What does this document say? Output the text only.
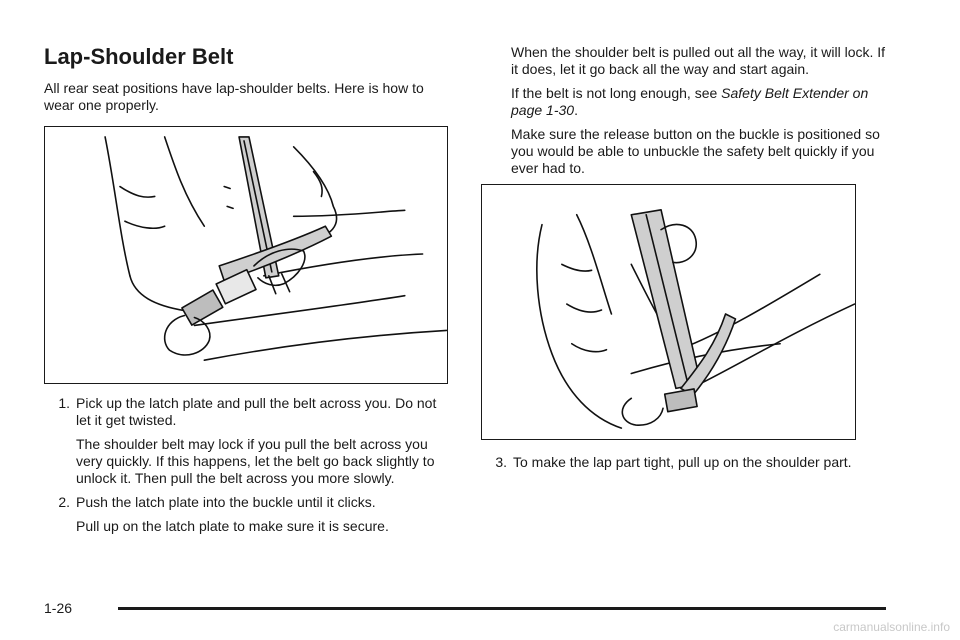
Lap-Shoulder Belt

All rear seat positions have lap-shoulder belts. Here is how to wear one properly.

1. Pick up the latch plate and pull the belt across you. Do not let it get twisted.

The shoulder belt may lock if you pull the belt across you very quickly. If this happens, let the belt go back slightly to unlock it. Then pull the belt across you more slowly.

2. Push the latch plate into the buckle until it clicks.

Pull up on the latch plate to make sure it is secure.

When the shoulder belt is pulled out all the way, it will lock. If it does, let it go back all the way and start again.

If the belt is not long enough, see Safety Belt Extender on page 1-30.

Make sure the release button on the buckle is positioned so you would be able to unbuckle the safety belt quickly if you ever had to.

3. To make the lap part tight, pull up on the shoulder part.
1-26
carmanualsonline.info
